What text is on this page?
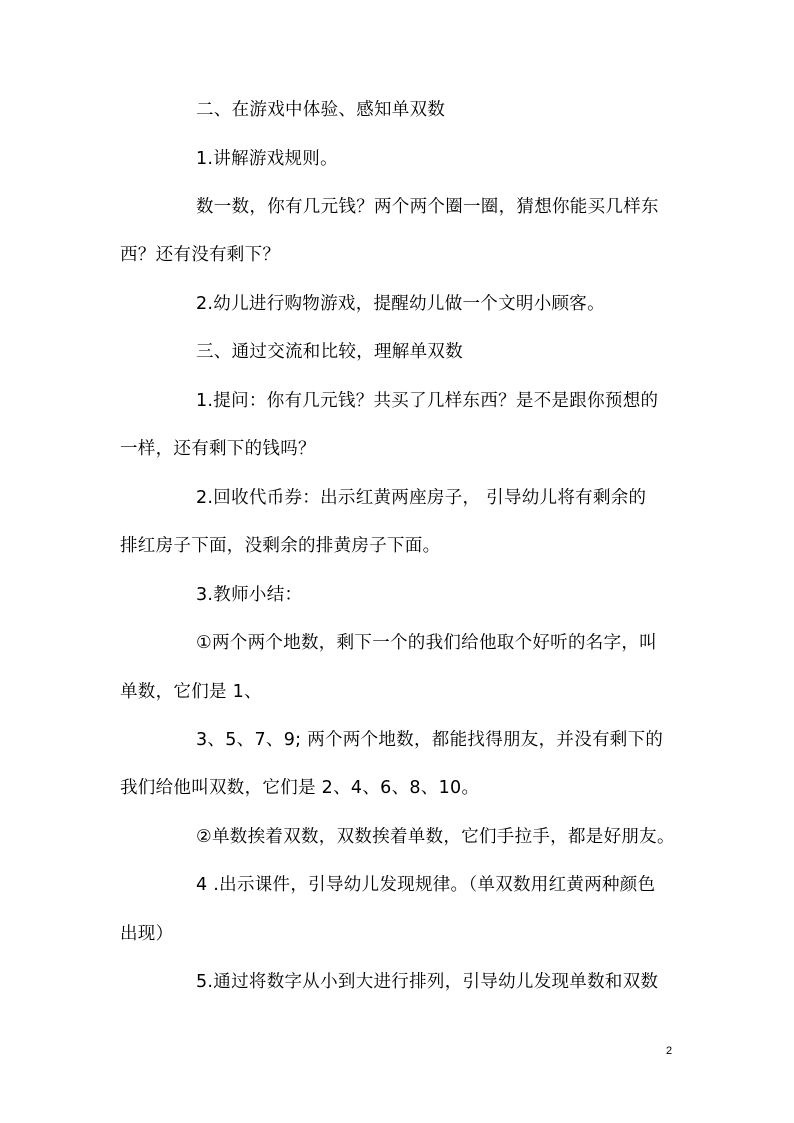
二、在游戏中体验、感知单双数
1.讲解游戏规则。
数一数，你有几元钱？两个两个圈一圈，猜想你能买几样东
西？还有没有剩下？
2.幼儿进行购物游戏，提醒幼儿做一个文明小顾客。
三、通过交流和比较，理解单双数
1.提问：你有几元钱？共买了几样东西？是不是跟你预想的
一样，还有剩下的钱吗？
2.回收代币券：出示红黄两座房子， 引导幼儿将有剩余的
排红房子下面，没剩余的排黄房子下面。
3.教师小结：
①两个两个地数，剩下一个的我们给他取个好听的名字，叫
单数，它们是 1、
3、5、7、9; 两个两个地数，都能找得朋友，并没有剩下的
我们给他叫双数，它们是 2、4、6、8、10。
②单数挨着双数，双数挨着单数，它们手拉手，都是好朋友。
4 .出示课件，引导幼儿发现规律。（单双数用红黄两种颜色
出现）
5.通过将数字从小到大进行排列，引导幼儿发现单数和双数
2
